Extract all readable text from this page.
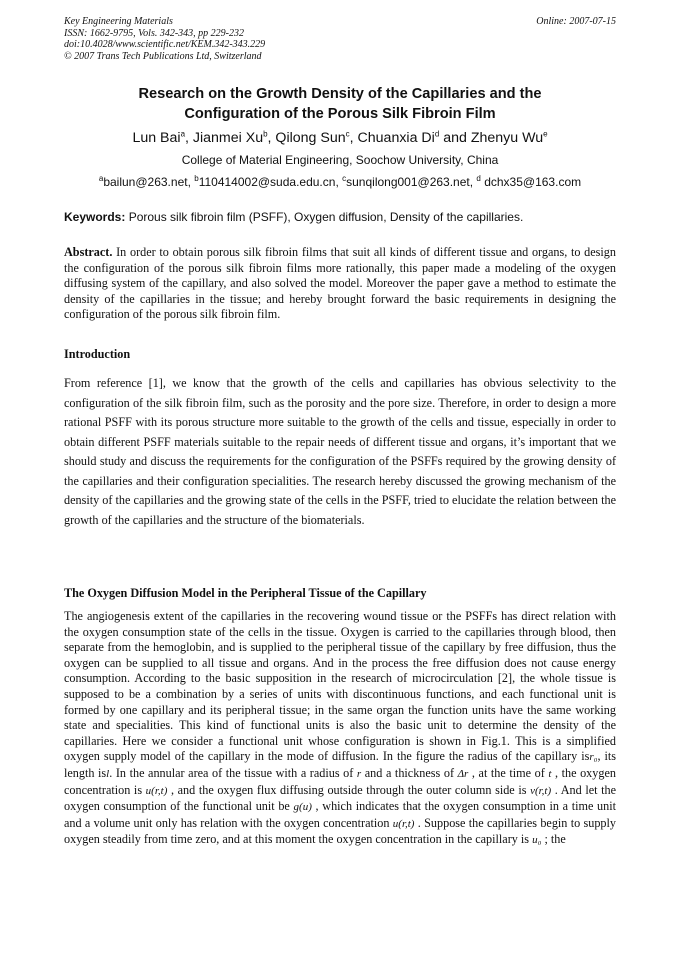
Key Engineering Materials
ISSN: 1662-9795, Vols. 342-343, pp 229-232
doi:10.4028/www.scientific.net/KEM.342-343.229
© 2007 Trans Tech Publications Ltd, Switzerland
Online: 2007-07-15
Research on the Growth Density of the Capillaries and the
Configuration of the Porous Silk Fibroin Film
Lun Bai$^a$, Jianmei Xu$^b$, Qilong Sun$^c$, Chuanxia Di$^d$ and Zhenyu Wu$^e$
College of Material Engineering, Soochow University, China
$^a$bailun@263.net, $^b$110414002@suda.edu.cn, $^c$sunqilong001@263.net, $^d$ dchx35@163.com
Keywords: Porous silk fibroin film (PSFF), Oxygen diffusion, Density of the capillaries.
Abstract. In order to obtain porous silk fibroin films that suit all kinds of different tissue and organs, to design the configuration of the porous silk fibroin films more rationally, this paper made a modeling of the oxygen diffusing system of the capillary, and also solved the model. Moreover the paper gave a method to estimate the density of the capillaries in the tissue; and hereby brought forward the basic requirements in designing the configuration of the porous silk fibroin film.
Introduction
From reference [1], we know that the growth of the cells and capillaries has obvious selectivity to the configuration of the silk fibroin film, such as the porosity and the pore size. Therefore, in order to design a more rational PSFF with its porous structure more suitable to the growth of the cells and tissue, especially in order to obtain different PSFF materials suitable to the repair needs of different tissue and organs, it’s important that we should study and discuss the requirements for the configuration of the PSFFs required by the growing density of the capillaries and their configuration specialities. The research hereby discussed the growing mechanism of the density of the capillaries and the growing state of the cells in the PSFF, tried to elucidate the relation between the growth of the capillaries and the structure of the biomaterials.
The Oxygen Diffusion Model in the Peripheral Tissue of the Capillary
The angiogenesis extent of the capillaries in the recovering wound tissue or the PSFFs has direct relation with the oxygen consumption state of the cells in the tissue. Oxygen is carried to the capillaries through blood, then separate from the hemoglobin, and is supplied to the peripheral tissue of the capillary by free diffusion, thus the oxygen can be supplied to all tissue and organs. And in the process the free diffusion does not cause energy consumption. According to the basic supposition in the research of microcirculation [2], the whole tissue is supposed to be a combination by a series of units with discontinuous functions, and each functional unit is formed by one capillary and its peripheral tissue; in the same organ the function units have the same working state and specialities. This kind of functional units is also the basic unit to determine the density of the capillaries. Here we consider a functional unit whose configuration is shown in Fig.1. This is a simplified oxygen supply model of the capillary in the mode of diffusion. In the figure the radius of the capillary isr₀, its length isl. In the annular area of the tissue with a radius of r and a thickness of Δr , at the time of t , the oxygen concentration is u(r,t) , and the oxygen flux diffusing outside through the outer column side is v(r,t) . And let the oxygen consumption of the functional unit be g(u) , which indicates that the oxygen consumption in a time unit and a volume unit only has relation with the oxygen concentration u(r,t) . Suppose the capillaries begin to supply oxygen steadily from time zero, and at this moment the oxygen concentration in the capillary is u₀ ; the
